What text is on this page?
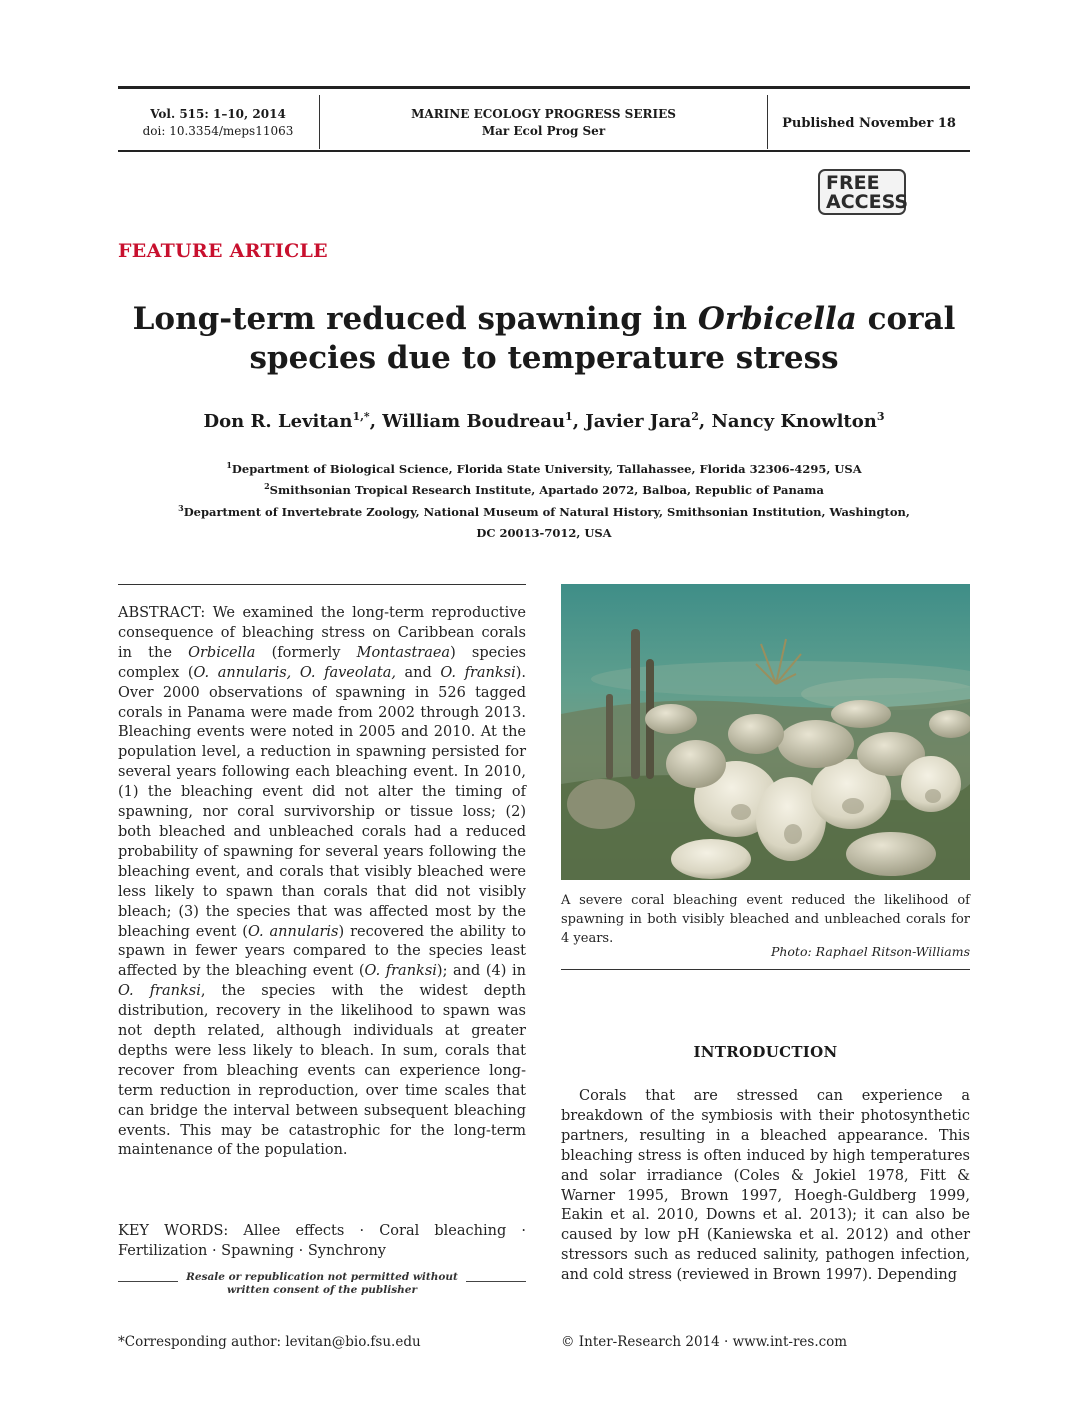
Vol. 515: 1–10, 2014
doi: 10.3354/meps11063
MARINE ECOLOGY PROGRESS SERIES
Mar Ecol Prog Ser	Published November 18
FREE
ACCESS
FEATURE ARTICLE
Long-term reduced spawning in Orbicella coral
species due to temperature stress
Don R. Levitan$^{1,*}$, William Boudreau$^1$, Javier Jara$^2$, Nancy Knowlton$^3$
$^1$Department of Biological Science, Florida State University, Tallahassee, Florida 32306-4295, USA
$^2$Smithsonian Tropical Research Institute, Apartado 2072, Balboa, Republic of Panama
$^3$Department of Invertebrate Zoology, National Museum of Natural History, Smithsonian Institution, Washington,
DC 20013-7012, USA
ABSTRACT: We examined the long-term reproductive consequence of bleaching stress on Caribbean corals in the Orbicella (formerly Montastraea) species complex (O. annularis, O. faveolata, and O. franksi). Over 2000 observations of spawning in 526 tagged corals in Panama were made from 2002 through 2013. Bleaching events were noted in 2005 and 2010. At the population level, a reduction in spawning persisted for several years following each bleaching event. In 2010, (1) the bleaching event did not alter the timing of spawning, nor coral survivorship or tissue loss; (2) both bleached and unbleached corals had a reduced probability of spawning for several years following the bleaching event, and corals that visibly bleached were less likely to spawn than corals that did not visibly bleach; (3) the species that was affected most by the bleaching event (O. annularis) recovered the ability to spawn in fewer years compared to the species least affected by the bleaching event (O. franksi); and (4) in O. franksi, the species with the widest depth distribution, recovery in the likelihood to spawn was not depth related, although individuals at greater depths were less likely to bleach. In sum, corals that recover from bleaching events can experience long-term reduction in reproduction, over time scales that can bridge the interval between subsequent bleaching events. This may be catastrophic for the long-term maintenance of the population.
KEY WORDS: Allee effects · Coral bleaching · Fertilization · Spawning · Synchrony
Resale or republication not permitted without
written consent of the publisher
A severe coral bleaching event reduced the likelihood of spawning in both visibly bleached and unbleached corals for 4 years.
Photo: Raphael Ritson-Williams
INTRODUCTION
Corals that are stressed can experience a breakdown of the symbiosis with their photosynthetic partners, resulting in a bleached appearance. This bleaching stress is often induced by high temperatures and solar irradiance (Coles & Jokiel 1978, Fitt & Warner 1995, Brown 1997, Hoegh-Guldberg 1999, Eakin et al. 2010, Downs et al. 2013); it can also be caused by low pH (Kaniewska et al. 2012) and other stressors such as reduced salinity, pathogen infection, and cold stress (reviewed in Brown 1997). Depending
*Corresponding author: levitan@bio.fsu.edu	© Inter-Research 2014 · www.int-res.com
